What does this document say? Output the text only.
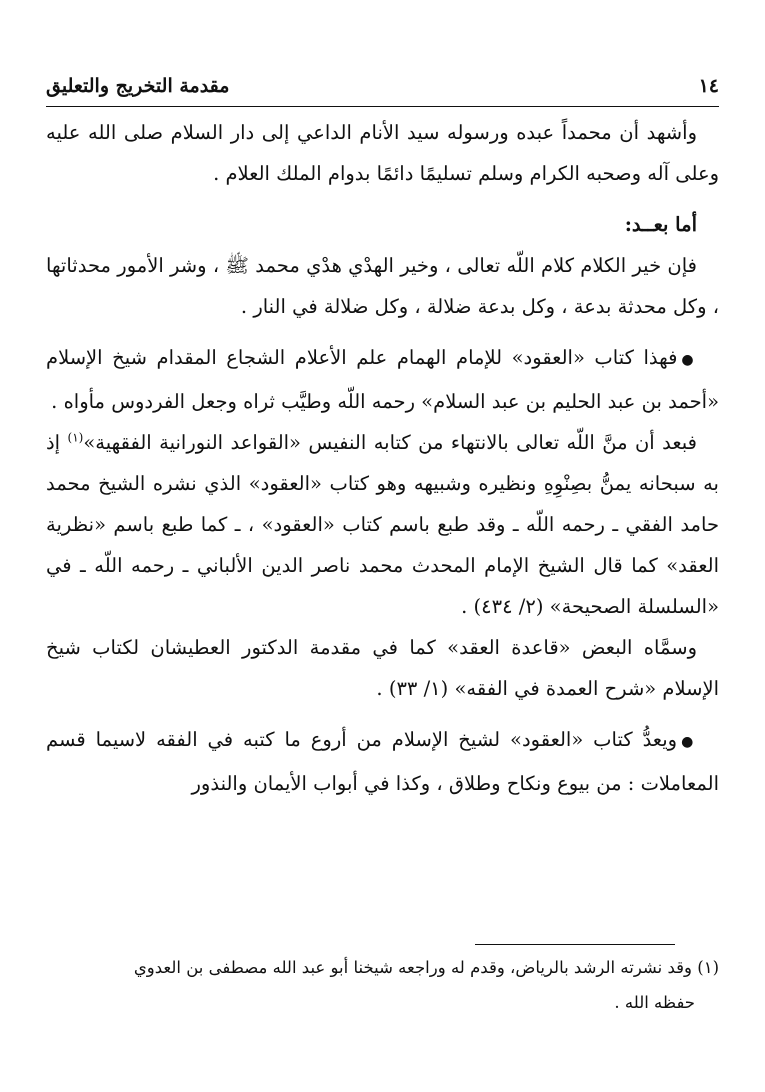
١٤
مقدمة التخريج والتعليق

وأشهد أن محمداً عبده ورسوله سيد الأنام الداعي إلى دار السلام صلى الله عليه وعلى آله وصحبه الكرام وسلم تسليمًا دائمًا بدوام الملك العلام .

أما بعــد:

فإن خير الكلام كلام اللّه تعالى ، وخير الهدْي هدْي محمد ﷺ ، وشر الأمور محدثاتها ، وكل محدثة بدعة ، وكل بدعة ضلالة ، وكل ضلالة في النار .

●فهذا كتاب «العقود» للإمام الهمام علم الأعلام الشجاع المقدام شيخ الإسلام «أحمد بن عبد الحليم بن عبد السلام» رحمه اللّه وطيَّب ثراه وجعل الفردوس مأواه .

فبعد أن منَّ اللّه تعالى بالانتهاء من كتابه النفيس «القواعد النورانية الفقهية»$^{(١)}$ إذ به سبحانه يمنُّ بصِنْوِهِ ونظيره وشبيهه وهو كتاب «العقود» الذي نشره الشيخ محمد حامد الفقي ـ رحمه اللّه ـ وقد طبع باسم كتاب «العقود» ، ـ كما طبع باسم «نظرية العقد» كما قال الشيخ الإمام المحدث محمد ناصر الدين الألباني ـ رحمه اللّه ـ في «السلسلة الصحيحة» (٢/ ٤٣٤) .

وسمَّاه البعض «قاعدة العقد» كما في مقدمة الدكتور العطيشان لكتاب شيخ الإسلام «شرح العمدة في الفقه» (١/ ٣٣) .

●ويعدُّ كتاب «العقود» لشيخ الإسلام من أروع ما كتبه في الفقه لاسيما قسم المعاملات : من بيوع ونكاح وطلاق ، وكذا في أبواب الأيمان والنذور

(١) وقد نشرته الرشد بالرياض، وقدم له وراجعه شيخنا أبو عبد الله مصطفى بن العدوي
حفظه الله .
